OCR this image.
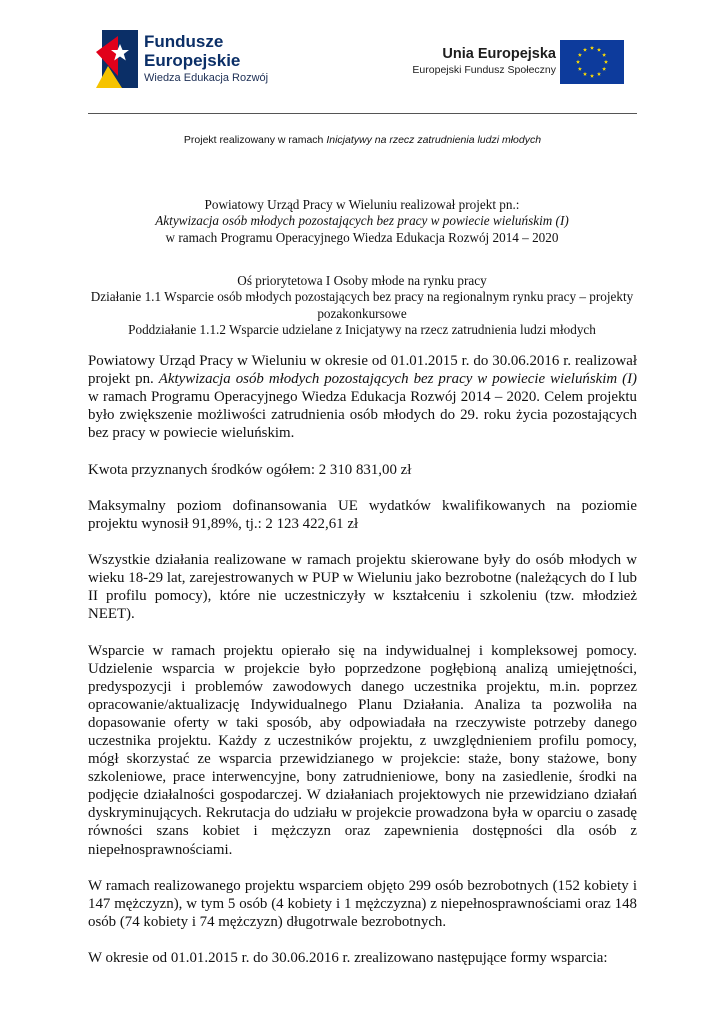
Fundusze
Europejskie
Wiedza Edukacja Rozwój
Unia Europejska
Europejski Fundusz Społeczny
Projekt realizowany w ramach Inicjatywy na rzecz zatrudnienia ludzi młodych
Powiatowy Urząd Pracy w Wieluniu realizował projekt pn.:
Aktywizacja osób młodych pozostających bez pracy w powiecie wieluńskim (I)
w ramach Programu Operacyjnego Wiedza Edukacja Rozwój 2014 – 2020
Oś priorytetowa I Osoby młode na rynku pracy
Działanie 1.1 Wsparcie osób młodych pozostających bez pracy na regionalnym rynku pracy – projekty pozakonkursowe
Poddziałanie 1.1.2 Wsparcie udzielane z Inicjatywy na rzecz zatrudnienia ludzi młodych

Powiatowy Urząd Pracy w Wieluniu w okresie od 01.01.2015 r. do 30.06.2016 r. realizował projekt pn. Aktywizacja osób młodych pozostających bez pracy w powiecie wieluńskim (I) w ramach Programu Operacyjnego Wiedza Edukacja Rozwój 2014 – 2020. Celem projektu było zwiększenie możliwości zatrudnienia osób młodych do 29. roku życia pozostających bez pracy w powiecie wieluńskim.

Kwota przyznanych środków ogółem: 2 310 831,00 zł

Maksymalny poziom dofinansowania UE wydatków kwalifikowanych na poziomie projektu wynosił 91,89%, tj.: 2 123 422,61 zł

Wszystkie działania realizowane w ramach projektu skierowane były do osób młodych w wieku 18-29 lat, zarejestrowanych w PUP w Wieluniu jako bezrobotne (należących do I lub II profilu pomocy), które nie uczestniczyły w kształceniu i szkoleniu (tzw. młodzież NEET).

Wsparcie w ramach projektu opierało się na indywidualnej i kompleksowej pomocy. Udzielenie wsparcia w projekcie było poprzedzone pogłębioną analizą umiejętności, predyspozycji i problemów zawodowych danego uczestnika projektu, m.in. poprzez opracowanie/aktualizację Indywidualnego Planu Działania. Analiza ta pozwoliła na dopasowanie oferty w taki sposób, aby odpowiadała na rzeczywiste potrzeby danego uczestnika projektu. Każdy z uczestników projektu, z uwzględnieniem profilu pomocy, mógł skorzystać ze wsparcia przewidzianego w projekcie: staże, bony stażowe, bony szkoleniowe, prace interwencyjne, bony zatrudnieniowe, bony na zasiedlenie, środki na podjęcie działalności gospodarczej. W działaniach projektowych nie przewidziano działań dyskryminujących. Rekrutacja do udziału w projekcie prowadzona była w oparciu o zasadę równości szans kobiet i mężczyzn oraz zapewnienia dostępności dla osób z niepełnosprawnościami.

W ramach realizowanego projektu wsparciem objęto 299 osób bezrobotnych (152 kobiety i 147 mężczyzn), w tym 5 osób (4 kobiety i 1 mężczyzna) z niepełnosprawnościami oraz 148 osób (74 kobiety i 74 mężczyzn) długotrwale bezrobotnych.

W okresie od 01.01.2015 r. do 30.06.2016 r. zrealizowano następujące formy wsparcia:
